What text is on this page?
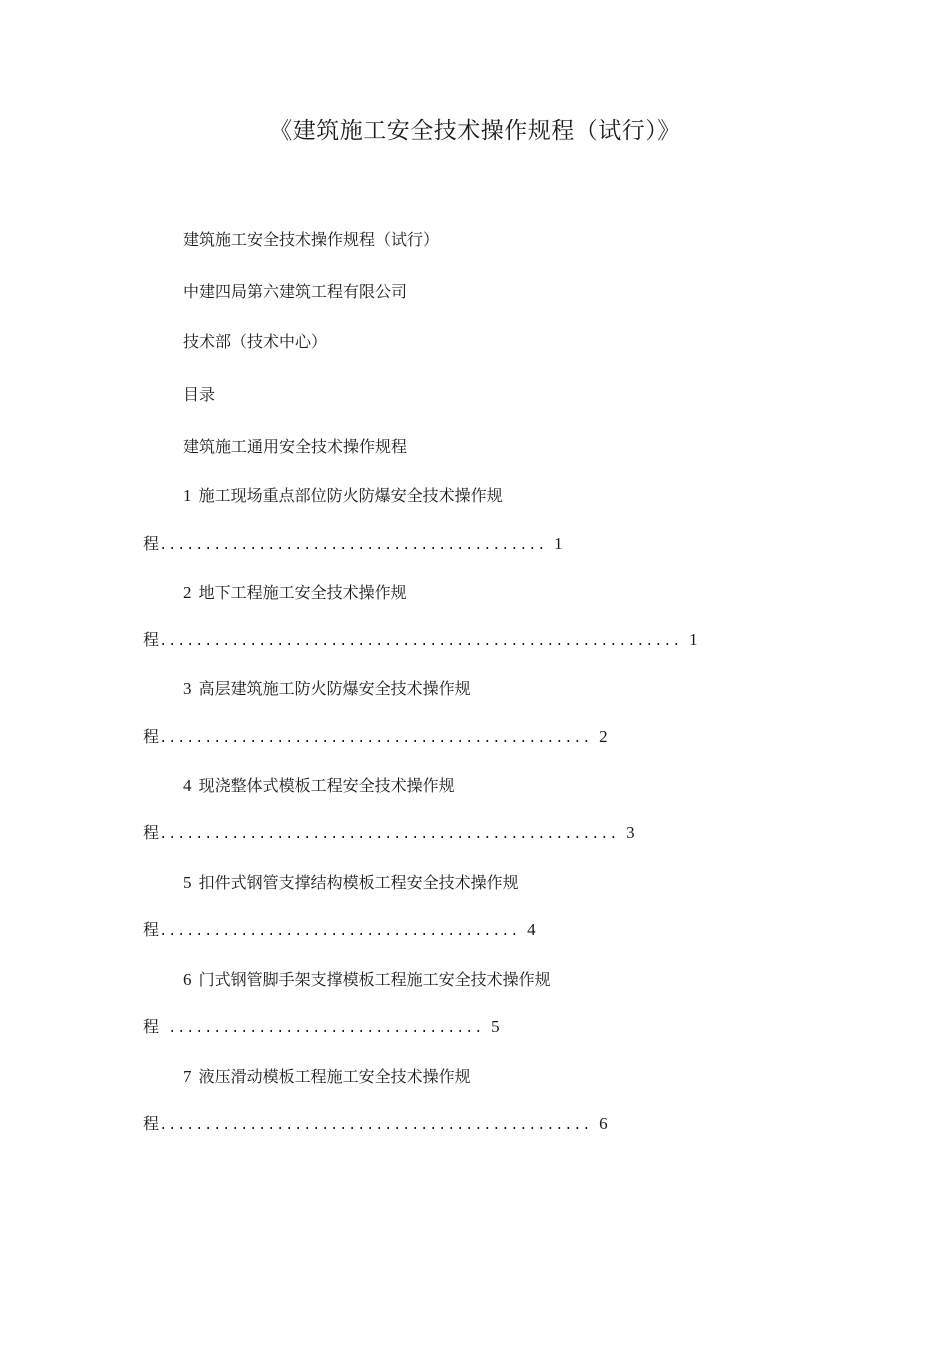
《建筑施工安全技术操作规程（试行）》
建筑施工安全技术操作规程（试行）
中建四局第六建筑工程有限公司
技术部（技术中心）
目录
建筑施工通用安全技术操作规程
1 施工现场重点部位防火防爆安全技术操作规
程........................................... 1
2 地下工程施工安全技术操作规
程.......................................................... 1
3 高层建筑施工防火防爆安全技术操作规
程................................................ 2
4 现浇整体式模板工程安全技术操作规
程................................................... 3
5 扣件式钢管支撑结构模板工程安全技术操作规
程........................................ 4
6 门式钢管脚手架支撑模板工程施工安全技术操作规
程 ................................... 5
7 液压滑动模板工程施工安全技术操作规
程................................................ 6
